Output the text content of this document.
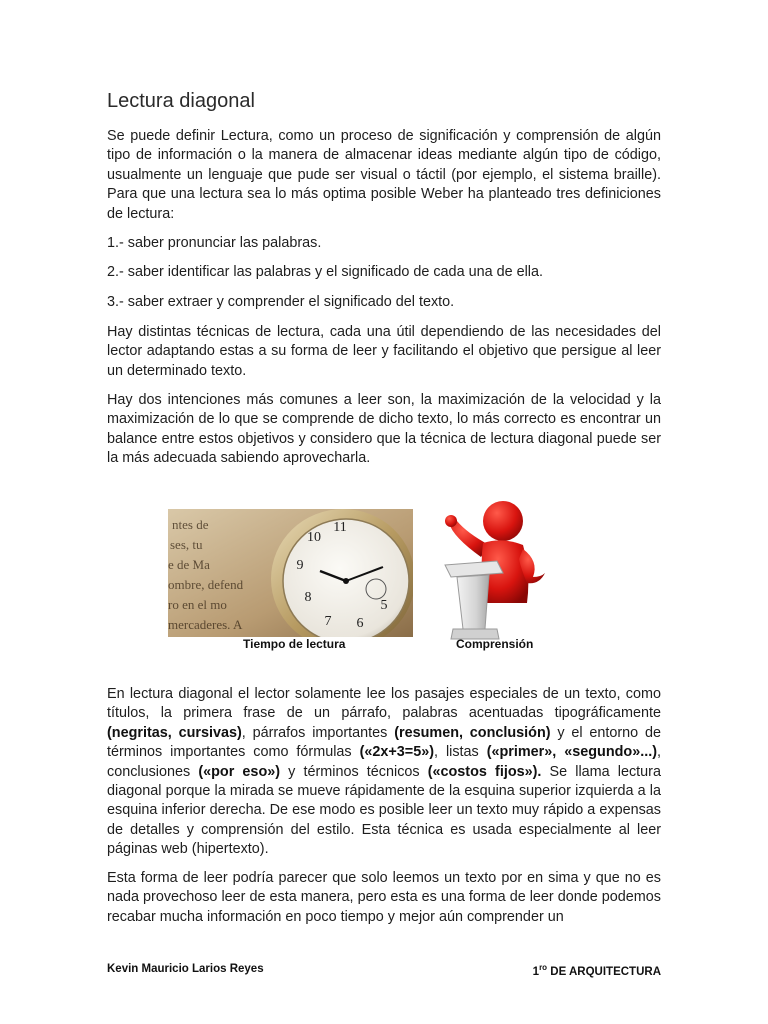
Lectura diagonal

Se puede definir Lectura, como un proceso de significación y comprensión de algún tipo de información o la manera de almacenar ideas mediante algún tipo de código, usualmente un lenguaje que pude ser visual o táctil (por ejemplo, el sistema braille). Para que una lectura sea lo más optima posible Weber ha planteado tres definiciones de lectura:

1.- saber pronunciar las palabras.

2.- saber identificar las palabras y el significado de cada una de ella.

3.- saber extraer y comprender el significado del texto.

Hay distintas técnicas de lectura, cada una útil dependiendo de las necesidades del lector adaptando estas a su forma de leer y facilitando el objetivo que persigue al leer un determinado texto.

Hay dos intenciones más comunes a leer son, la maximización de la velocidad y la maximización de lo que se comprende de dicho texto, lo más correcto es encontrar un balance entre estos objetivos y considero que la técnica de lectura diagonal puede ser la más adecuada sabiendo aprovecharla.

ntes de
ses, tu
e de Ma
ombre, defend
ro en el mo
mercaderes. A
10
9
8
7 6
5
11
Tiempo de lectura	Comprensión

En lectura diagonal el lector solamente lee los pasajes especiales de un texto, como títulos, la primera frase de un párrafo, palabras acentuadas tipográficamente (negritas, cursivas), párrafos importantes (resumen, conclusión) y el entorno de términos importantes como fórmulas («2x+3=5»), listas («primer», «segundo»...), conclusiones («por eso») y términos técnicos («costos fijos»). Se llama lectura diagonal porque la mirada se mueve rápidamente de la esquina superior izquierda a la esquina inferior derecha. De ese modo es posible leer un texto muy rápido a expensas de detalles y comprensión del estilo. Esta técnica es usada especialmente al leer páginas web (hipertexto).

Esta forma de leer podría parecer que solo leemos un texto por en sima y que no es nada provechoso leer de esta manera, pero esta es una forma de leer donde podemos recabar mucha información en poco tiempo y mejor aún comprender un

Kevin Mauricio Larios Reyes	$1^{ro}$ DE ARQUITECTURA
